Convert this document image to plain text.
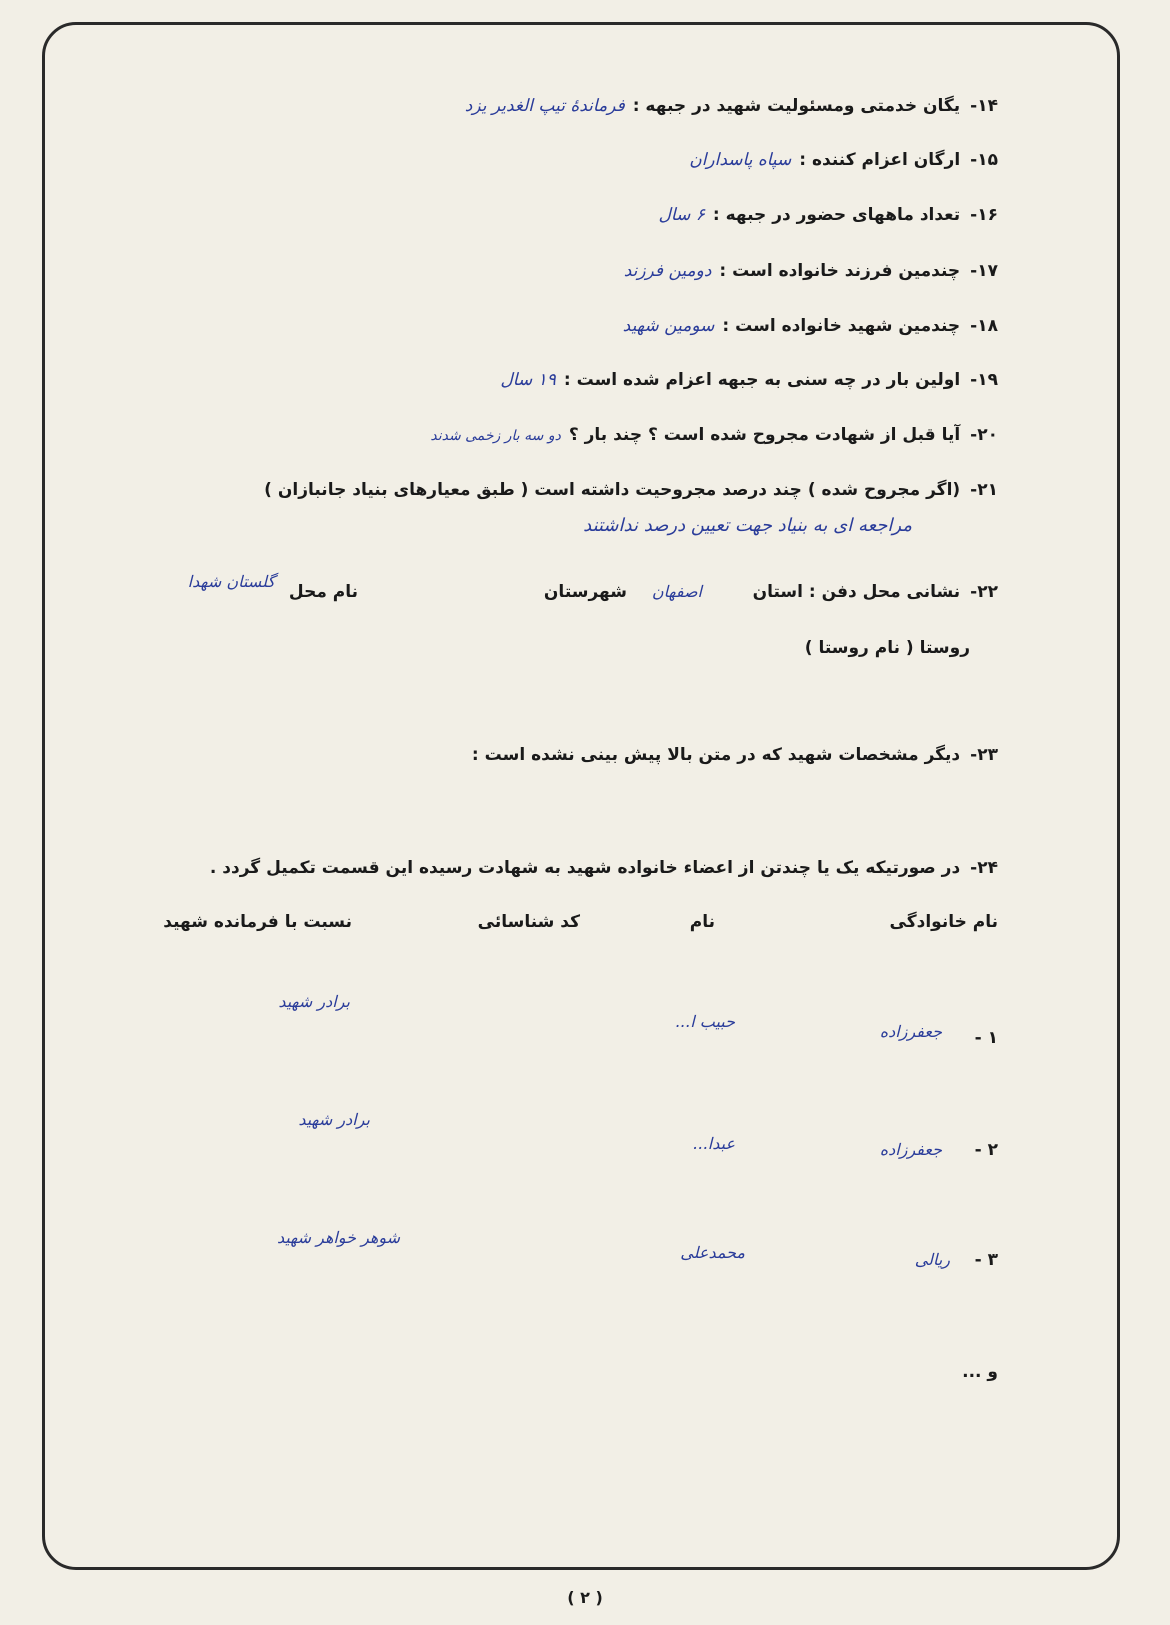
۱۴-یگان خدمتی ومسئولیت شهید در جبهه :فرماندهٔ تیپ الغدیر یزد
۱۵-ارگان اعزام کننده :سپاه پاسداران
۱۶-تعداد ماههای حضور در جبهه :۶ سال
۱۷-چندمین فرزند خانواده است :دومین فرزند
۱۸-چندمین شهید خانواده است :سومین شهید
۱۹-اولین بار در چه سنی به جبهه اعزام شده است :۱۹ سال
۲۰-آیا قبل از شهادت مجروح شده است ؟ چند بار ؟دو سه بار زخمی شدند
۲۱-(اگر مجروح شده ) چند درصد مجروحیت داشته است ( طبق معیارهای بنیاد جانبازان )
مراجعه ای به بنیاد جهت تعیین درصد نداشتند
۲۲-نشانی محل دفن : استان
شهرستان اصفهان
نام محل
گلستان شهدا
روستا ( نام روستا )
۲۳-دیگر مشخصات شهید که در متن بالا پیش بینی نشده است :
۲۴-در صورتیکه یک یا چندتن از اعضاء خانواده شهید به شهادت رسیده این قسمت تکمیل گردد .
نام خانوادگی
نام
کد شناسائی
نسبت با فرمانده شهید
۱ -
جعفرزاده
حبیب ا...
برادر شهید
۲ -
جعفرزاده
عبدا...
برادر شهید
۳ -
ریالی
محمدعلی
شوهر خواهر شهید
و ...
( ۲ )
